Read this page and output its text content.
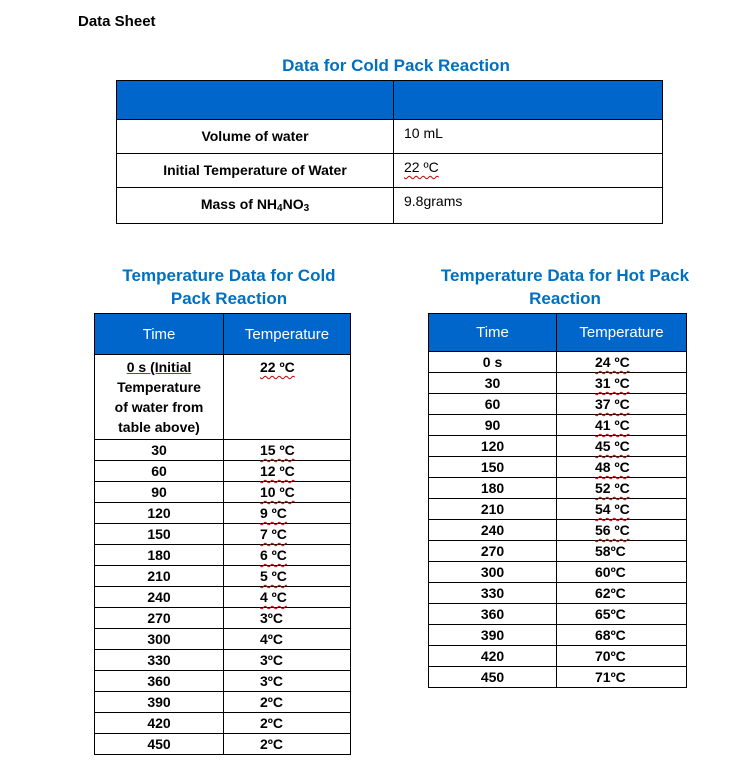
Data Sheet
Data for Cold Pack Reaction

Volume of water	10 mL
Initial Temperature of Water	22 ºC
Mass of $NH_4NO_3$	9.8grams
Temperature Data for Cold
Pack Reaction
Temperature Data for Hot Pack
Reaction
Time	Temperature

0 s (Initial
Temperature
of water from
table above)	22 ºC
30	15 ºC
60	12 ºC
90	10 ºC
120	9 ºC
150	7 ºC
180	6 ºC
210	5 ºC
240	4 ºC
270	3ºC
300	4ºC
330	3ºC
360	3ºC
390	2ºC
420	2ºC
450	2ºC
Time	Temperature
0 s	24 ºC
30	31 ºC
60	37 ºC
90	41 ºC
120	45 ºC
150	48 ºC
180	52 ºC
210	54 ºC
240	56 ºC
270	58ºC
300	60ºC
330	62ºC
360	65ºC
390	68ºC
420	70ºC
450	71ºC
